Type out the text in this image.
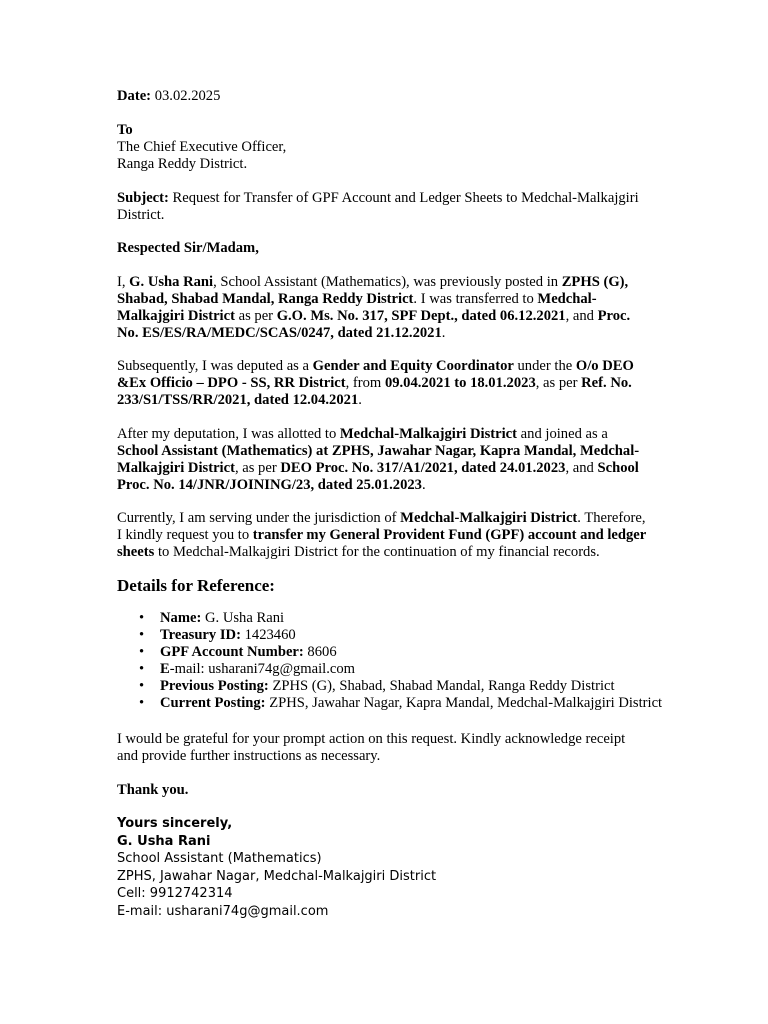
Date: 03.02.2025

To
The Chief Executive Officer,
Ranga Reddy District.

Subject: Request for Transfer of GPF Account and Ledger Sheets to Medchal-Malkajgiri District.

Respected Sir/Madam,

I, G. Usha Rani, School Assistant (Mathematics), was previously posted in ZPHS (G), Shabad, Shabad Mandal, Ranga Reddy District. I was transferred to Medchal-Malkajgiri District as per G.O. Ms. No. 317, SPF Dept., dated 06.12.2021, and Proc. No. ES/ES/RA/MEDC/SCAS/0247, dated 21.12.2021.

Subsequently, I was deputed as a Gender and Equity Coordinator under the O/o DEO &Ex Officio – DPO - SS, RR District, from 09.04.2021 to 18.01.2023, as per Ref. No. 233/S1/TSS/RR/2021, dated 12.04.2021.

After my deputation, I was allotted to Medchal-Malkajgiri District and joined as a School Assistant (Mathematics) at ZPHS, Jawahar Nagar, Kapra Mandal, Medchal-Malkajgiri District, as per DEO Proc. No. 317/A1/2021, dated 24.01.2023, and School Proc. No. 14/JNR/JOINING/23, dated 25.01.2023.

Currently, I am serving under the jurisdiction of Medchal-Malkajgiri District. Therefore, I kindly request you to transfer my General Provident Fund (GPF) account and ledger sheets to Medchal-Malkajgiri District for the continuation of my financial records.

Details for Reference:

• Name: G. Usha Rani
• Treasury ID: 1423460
• GPF Account Number: 8606
• E-mail: usharani74g@gmail.com
• Previous Posting: ZPHS (G), Shabad, Shabad Mandal, Ranga Reddy District
• Current Posting: ZPHS, Jawahar Nagar, Kapra Mandal, Medchal-Malkajgiri District

I would be grateful for your prompt action on this request. Kindly acknowledge receipt and provide further instructions as necessary.

Thank you.

Yours sincerely,
G. Usha Rani
School Assistant (Mathematics)
ZPHS, Jawahar Nagar, Medchal-Malkajgiri District
Cell: 9912742314
E-mail: usharani74g@gmail.com
